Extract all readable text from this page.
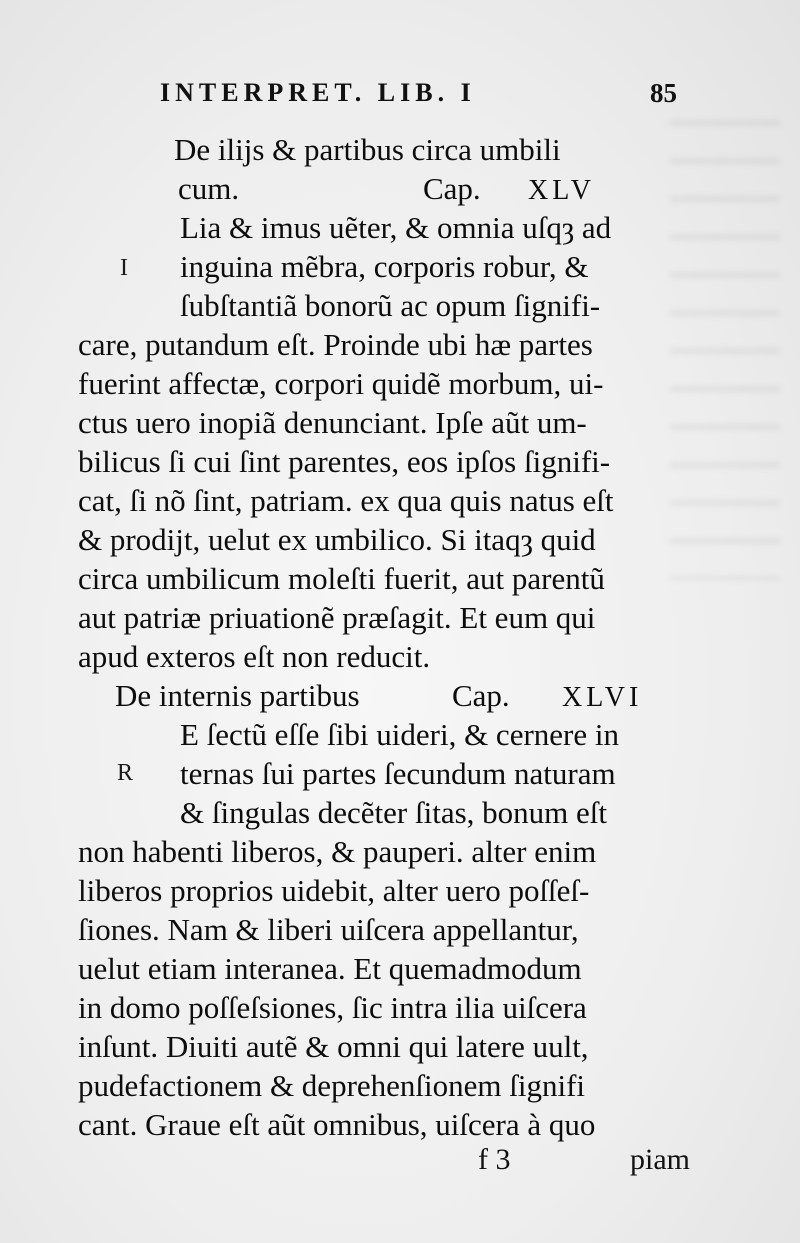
INTERPRET. LIB. I	85
De ilijs & partibus circa umbili
cum.	Cap. XLV
Lia & imus uẽter, & omnia uſqȝ ad
inguina mẽbra, corporis robur, &
ſubſtantiã bonorũ ac opum ſignifi-
care, putandum eſt. Proinde ubi hæ partes
fuerint affectæ, corpori quidẽ morbum, ui-
ctus uero inopiã denunciant. Ipſe aũt um-
bilicus ſi cui ſint parentes, eos ipſos ſignifi-
cat, ſi nõ ſint, patriam. ex qua quis natus eſt
& prodijt, uelut ex umbilico. Si itaqȝ quid
circa umbilicum moleſti fuerit, aut parentũ
aut patriæ priuationẽ præſagit. Et eum qui
apud exteros eſt non reducit.
De internis partibus	Cap. XLVI
E ſectũ eſſe ſibi uideri, & cernere in
ternas ſui partes ſecundum naturam
& ſingulas decẽter ſitas, bonum eſt
non habenti liberos, & pauperi. alter enim
liberos proprios uidebit, alter uero poſſeſ-
ſiones. Nam & liberi uiſcera appellantur,
uelut etiam interanea. Et quemadmodum
in domo poſſeſsiones, ſic intra ilia uiſcera
inſunt. Diuiti autẽ & omni qui latere uult,
pudefactionem & deprehenſionem ſignifi
cant. Graue eſt aũt omnibus, uiſcera à quo
I
R
f 3	piam
